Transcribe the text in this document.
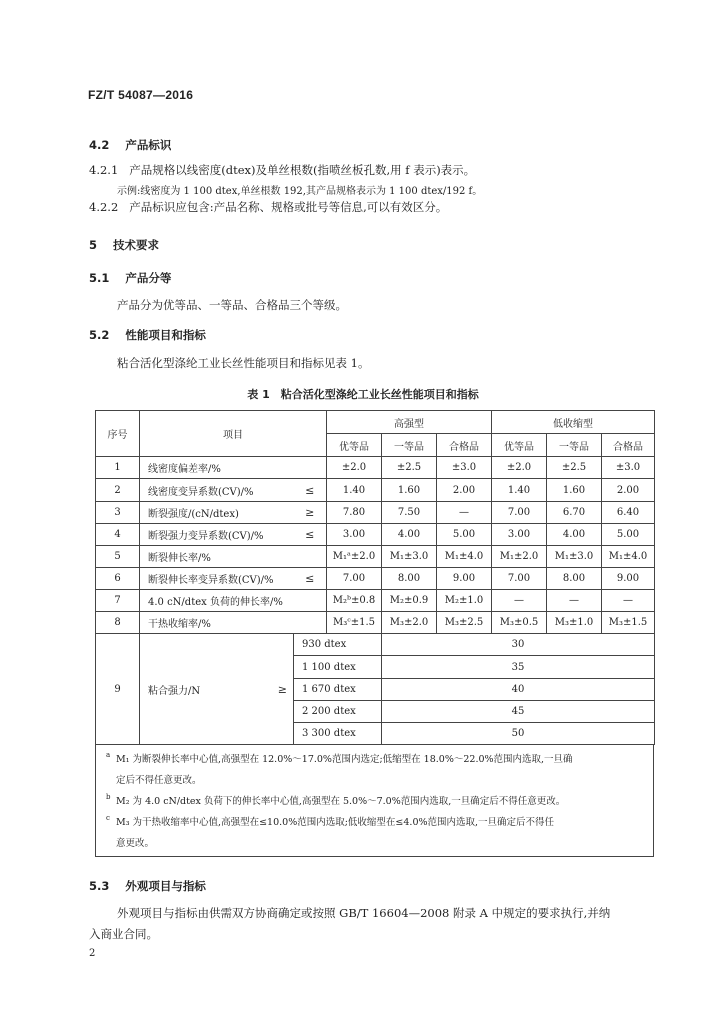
FZ/T 54087—2016
4.2 产品标识
4.2.1 产品规格以线密度(dtex)及单丝根数(指喷丝板孔数,用 f 表示)表示。
示例:线密度为 1 100 dtex,单丝根数 192,其产品规格表示为 1 100 dtex/192 f。
4.2.2 产品标识应包含:产品名称、规格或批号等信息,可以有效区分。
5 技术要求
5.1 产品分等
产品分为优等品、一等品、合格品三个等级。
5.2 性能项目和指标
粘合活化型涤纶工业长丝性能项目和指标见表 1。
表 1　粘合活化型涤纶工业长丝性能项目和指标
序号	项目			高强型			低收缩型		
				优等品	一等品	合格品	优等品	一等品	合格品
1	线密度偏差率/%			±2.0	±2.5	±3.0	±2.0	±2.5	±3.0
2	线密度变异系数(CV)/%		≤	1.40	1.60	2.00	1.40	1.60	2.00
3	断裂强度/(cN/dtex)		≥	7.80	7.50	—	7.00	6.70	6.40
4	断裂强力变异系数(CV)/%		≤	3.00	4.00	5.00	3.00	4.00	5.00
5	断裂伸长率/%			M₁ᵃ±2.0	M₁±3.0	M₁±4.0	M₁±2.0	M₁±3.0	M₁±4.0
6	断裂伸长率变异系数(CV)/%		≤	7.00	8.00	9.00	7.00	8.00	9.00
7	4.0 cN/dtex 负荷的伸长率/%			M₂ᵇ±0.8	M₂±0.9	M₂±1.0	—	—	—
8	干热收缩率/%			M₃ᶜ±1.5	M₃±2.0	M₃±2.5	M₃±0.5	M₃±1.0	M₃±1.5
9	粘合强力/N	≥	930 dtex		30				
			1 100 dtex		35				
			1 670 dtex		40				
			2 200 dtex		45				
			3 300 dtex		50				
a M₁ 为断裂伸长率中心值,高强型在 12.0%～17.0%范围内选定;低缩型在 18.0%～22.0%范围内选取,一旦确
定后不得任意更改。
b M₂ 为 4.0 cN/dtex 负荷下的伸长率中心值,高强型在 5.0%～7.0%范围内选取,一旦确定后不得任意更改。
c M₃ 为干热收缩率中心值,高强型在≤10.0%范围内选取;低收缩型在≤4.0%范围内选取,一旦确定后不得任
意更改。
5.3 外观项目与指标
外观项目与指标由供需双方协商确定或按照 GB/T 16604—2008 附录 A 中规定的要求执行,并纳
入商业合同。
2
